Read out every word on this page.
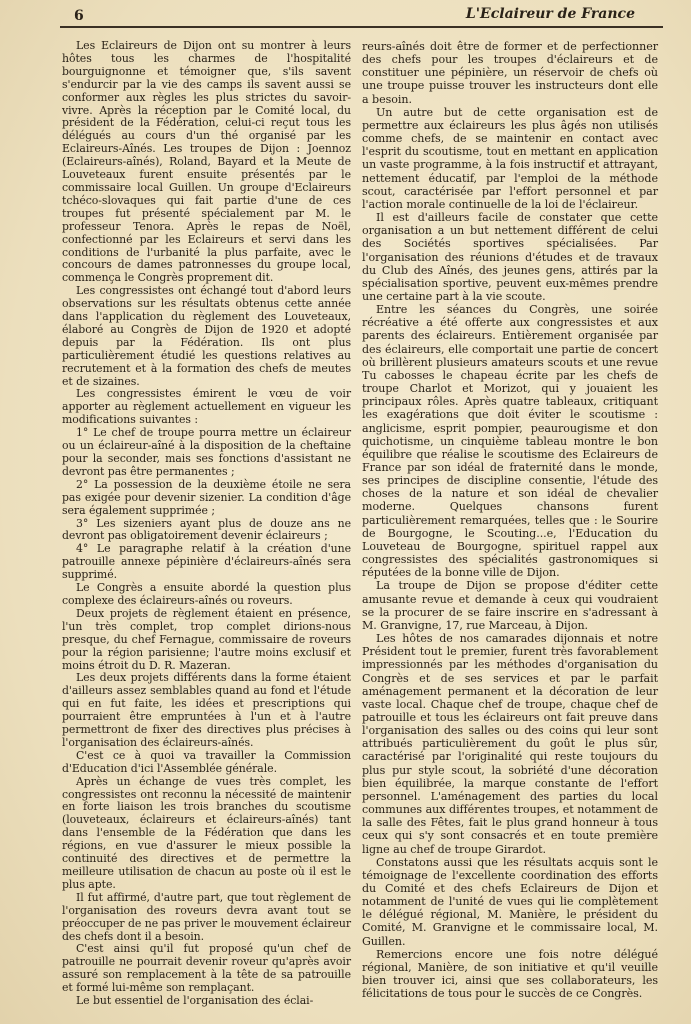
6	L'Eclaireur de France

Les Eclaireurs de Dijon ont su montrer à leurs hôtes tous les charmes de l'hospitalité bourguignonne et témoigner que, s'ils savent s'endurcir par la vie des camps ils savent aussi se conformer aux règles les plus strictes du savoir-vivre. Après la réception par le Comité local, du président de la Fédération, celui-ci reçut tous les délégués au cours d'un thé organisé par les Eclaireurs-Aînés. Les troupes de Dijon : Joennoz (Eclaireurs-aînés), Roland, Bayard et la Meute de Louveteaux furent ensuite présentés par le commissaire local Guillen. Un groupe d'Eclaireurs tchéco-slovaques qui fait partie d'une de ces troupes fut présenté spécialement par M. le professeur Tenora. Après le repas de Noël, confectionné par les Eclaireurs et servi dans les conditions de l'urbanité la plus parfaite, avec le concours de dames patronnesses du groupe local, commença le Congrès proprement dit.

Les congressistes ont échangé tout d'abord leurs observations sur les résultats obtenus cette année dans l'application du règlement des Louveteaux, élaboré au Congrès de Dijon de 1920 et adopté depuis par la Fédération. Ils ont plus particulièrement étudié les questions relatives au recrutement et à la formation des chefs de meutes et de sizaines.

Les congressistes émirent le vœu de voir apporter au règlement actuellement en vigueur les modifications suivantes :

1° Le chef de troupe pourra mettre un éclaireur ou un éclaireur-aîné à la disposition de la cheftaine pour la seconder, mais ses fonctions d'assistant ne devront pas être permanentes ;

2° La possession de la deuxième étoile ne sera pas exigée pour devenir sizenier. La condition d'âge sera également supprimée ;

3° Les sizeniers ayant plus de douze ans ne devront pas obligatoirement devenir éclaireurs ;

4° Le paragraphe relatif à la création d'une patrouille annexe pépinière d'éclaireurs-aînés sera supprimé.

Le Congrès a ensuite abordé la question plus complexe des éclaireurs-aînés ou roveurs.

Deux projets de règlement étaient en présence, l'un très complet, trop complet dirions-nous presque, du chef Fernague, commissaire de roveurs pour la région parisienne; l'autre moins exclusif et moins étroit du D. R. Mazeran.

Les deux projets différents dans la forme étaient d'ailleurs assez semblables quand au fond et l'étude qui en fut faite, les idées et prescriptions qui pourraient être empruntées à l'un et à l'autre permettront de fixer des directives plus précises à l'organisation des éclaireurs-aînés.

C'est ce à quoi va travailler la Commission d'Education d'ici l'Assemblée générale.

Après un échange de vues très complet, les congressistes ont reconnu la nécessité de maintenir en forte liaison les trois branches du scoutisme (louveteaux, éclaireurs et éclaireurs-aînés) tant dans l'ensemble de la Fédération que dans les régions, en vue d'assurer le mieux possible la continuité des directives et de permettre la meilleure utilisation de chacun au poste où il est le plus apte.

Il fut affirmé, d'autre part, que tout règlement de l'organisation des roveurs devra avant tout se préoccuper de ne pas priver le mouvement éclaireur des chefs dont il a besoin.

C'est ainsi qu'il fut proposé qu'un chef de patrouille ne pourrait devenir roveur qu'après avoir assuré son remplacement à la tête de sa patrouille et formé lui-même son remplaçant.

Le but essentiel de l'organisation des éclai-

reurs-aînés doit être de former et de perfectionner des chefs pour les troupes d'éclaireurs et de constituer une pépinière, un réservoir de chefs où une troupe puisse trouver les instructeurs dont elle a besoin.

Un autre but de cette organisation est de permettre aux éclaireurs les plus âgés non utilisés comme chefs, de se maintenir en contact avec l'esprit du scoutisme, tout en mettant en application un vaste programme, à la fois instructif et attrayant, nettement éducatif, par l'emploi de la méthode scout, caractérisée par l'effort personnel et par l'action morale continuelle de la loi de l'éclaireur.

Il est d'ailleurs facile de constater que cette organisation a un but nettement différent de celui des Sociétés sportives spécialisées. Par l'organisation des réunions d'études et de travaux du Club des Aînés, des jeunes gens, attirés par la spécialisation sportive, peuvent eux-mêmes prendre une certaine part à la vie scoute.

Entre les séances du Congrès, une soirée récréative a été offerte aux congressistes et aux parents des éclaireurs. Entièrement organisée par des éclaireurs, elle comportait une partie de concert où brillèrent plusieurs amateurs scouts et une revue Tu cabosses le chapeau écrite par les chefs de troupe Charlot et Morizot, qui y jouaient les principaux rôles. Après quatre tableaux, critiquant les exagérations que doit éviter le scoutisme : anglicisme, esprit pompier, peaurougisme et don quichotisme, un cinquième tableau montre le bon équilibre que réalise le scoutisme des Eclaireurs de France par son idéal de fraternité dans le monde, ses principes de discipline consentie, l'étude des choses de la nature et son idéal de chevalier moderne. Quelques chansons furent particulièrement remarquées, telles que : le Sourire de Bourgogne, le Scouting...e, l'Education du Louveteau de Bourgogne, spirituel rappel aux congressistes des spécialités gastronomiques si réputées de la bonne ville de Dijon.

La troupe de Dijon se propose d'éditer cette amusante revue et demande à ceux qui voudraient se la procurer de se faire inscrire en s'adressant à M. Granvigne, 17, rue Marceau, à Dijon.

Les hôtes de nos camarades dijonnais et notre Président tout le premier, furent très favorablement impressionnés par les méthodes d'organisation du Congrès et de ses services et par le parfait aménagement permanent et la décoration de leur vaste local. Chaque chef de troupe, chaque chef de patrouille et tous les éclaireurs ont fait preuve dans l'organisation des salles ou des coins qui leur sont attribués particulièrement du goût le plus sûr, caractérisé par l'originalité qui reste toujours du plus pur style scout, la sobriété d'une décoration bien équilibrée, la marque constante de l'effort personnel. L'aménagement des parties du local communes aux différentes troupes, et notamment de la salle des Fêtes, fait le plus grand honneur à tous ceux qui s'y sont consacrés et en toute première ligne au chef de troupe Girardot.

Constatons aussi que les résultats acquis sont le témoignage de l'excellente coordination des efforts du Comité et des chefs Eclaireurs de Dijon et notamment de l'unité de vues qui lie complètement le délégué régional, M. Manière, le président du Comité, M. Granvigne et le commissaire local, M. Guillen.

Remercions encore une fois notre délégué régional, Manière, de son initiative et qu'il veuille bien trouver ici, ainsi que ses collaborateurs, les félicitations de tous pour le succès de ce Congrès.
